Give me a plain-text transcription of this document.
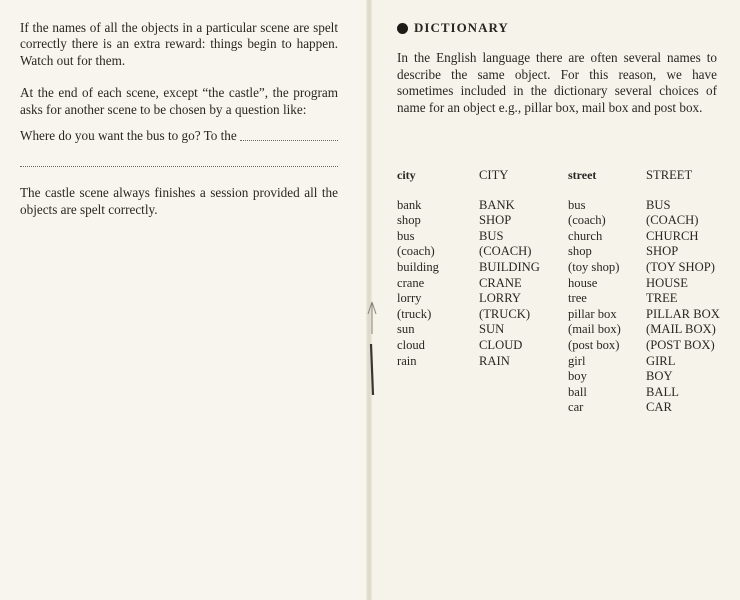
If the names of all the objects in a particular scene are spelt correctly there is an extra reward: things begin to happen. Watch out for them.

At the end of each scene, except “the castle”, the program asks for another scene to be chosen by a question like:

Where do you want the bus to go? To the

The castle scene always finishes a session provided all the objects are spelt correctly.

DICTIONARY

In the English language there are often several names to describe the same object. For this reason, we have sometimes included in the dictionary several choices of name for an object e.g., pillar box, mail box and post box.

city
bank
shop
bus
(coach)
building
crane
lorry
(truck)
sun
cloud
rain
CITY
BANK
SHOP
BUS
(COACH)
BUILDING
CRANE
LORRY
(TRUCK)
SUN
CLOUD
RAIN
street
bus
(coach)
church
shop
(toy shop)
house
tree
pillar box
(mail box)
(post box)
girl
boy
ball
car
STREET
BUS
(COACH)
CHURCH
SHOP
(TOY SHOP)
HOUSE
TREE
PILLAR BOX
(MAIL BOX)
(POST BOX)
GIRL
BOY
BALL
CAR
